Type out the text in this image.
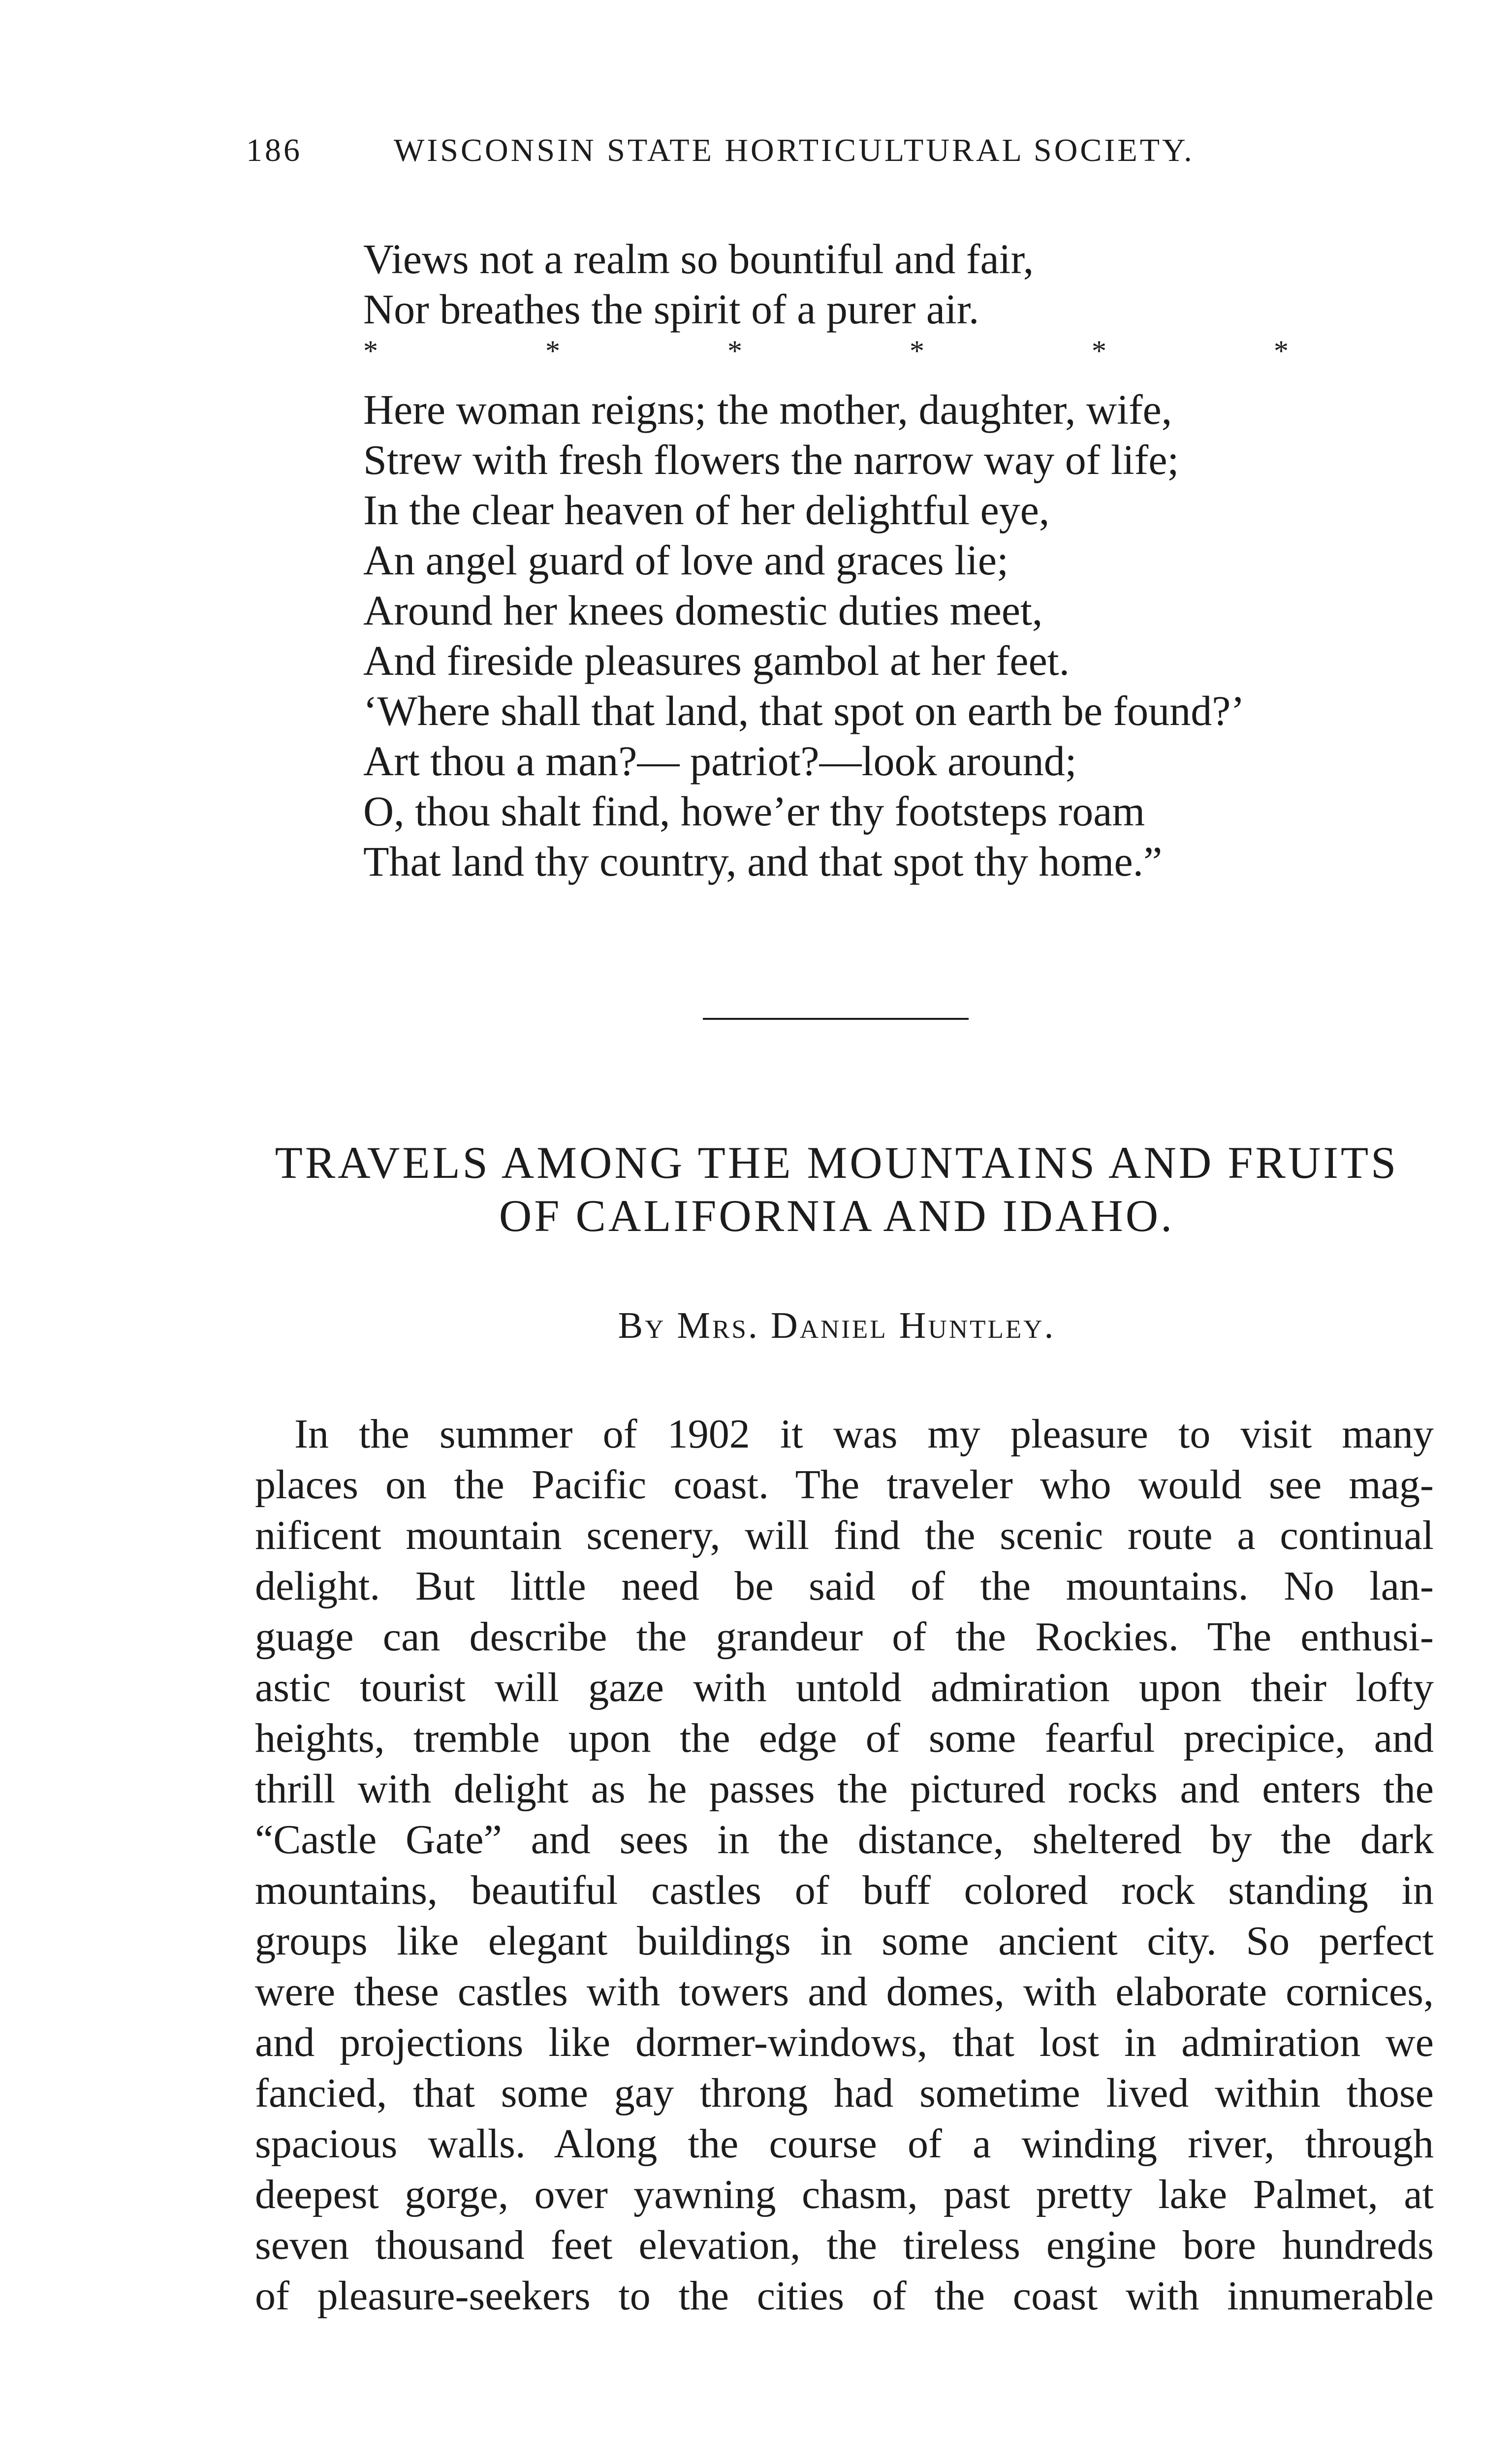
186	WISCONSIN STATE HORTICULTURAL SOCIETY.
Views not a realm so bountiful and fair,
Nor breathes the spirit of a purer air.
*	*	*	*	*	*
Here woman reigns; the mother, daughter, wife,
Strew with fresh flowers the narrow way of life;
In the clear heaven of her delightful eye,
An angel guard of love and graces lie;
Around her knees domestic duties meet,
And fireside pleasures gambol at her feet.
‘Where shall that land, that spot on earth be found?’
Art thou a man?— patriot?—look around;
O, thou shalt find, howe’er thy footsteps roam
That land thy country, and that spot thy home.”
TRAVELS AMONG THE MOUNTAINS AND FRUITS
OF CALIFORNIA AND IDAHO.
By Mrs. Daniel Huntley.
In the summer of 1902 it was my pleasure to visit many
places on the Pacific coast. The traveler who would see mag-
nificent mountain scenery, will find the scenic route a continual
delight. But little need be said of the mountains. No lan-
guage can describe the grandeur of the Rockies. The enthusi-
astic tourist will gaze with untold admiration upon their lofty
heights, tremble upon the edge of some fearful precipice, and
thrill with delight as he passes the pictured rocks and enters the
“Castle Gate” and sees in the distance, sheltered by the dark
mountains, beautiful castles of buff colored rock standing in
groups like elegant buildings in some ancient city. So perfect
were these castles with towers and domes, with elaborate cornices,
and projections like dormer-windows, that lost in admiration we
fancied, that some gay throng had sometime lived within those
spacious walls. Along the course of a winding river, through
deepest gorge, over yawning chasm, past pretty lake Palmet, at
seven thousand feet elevation, the tireless engine bore hundreds
of pleasure-seekers to the cities of the coast with innumerable
